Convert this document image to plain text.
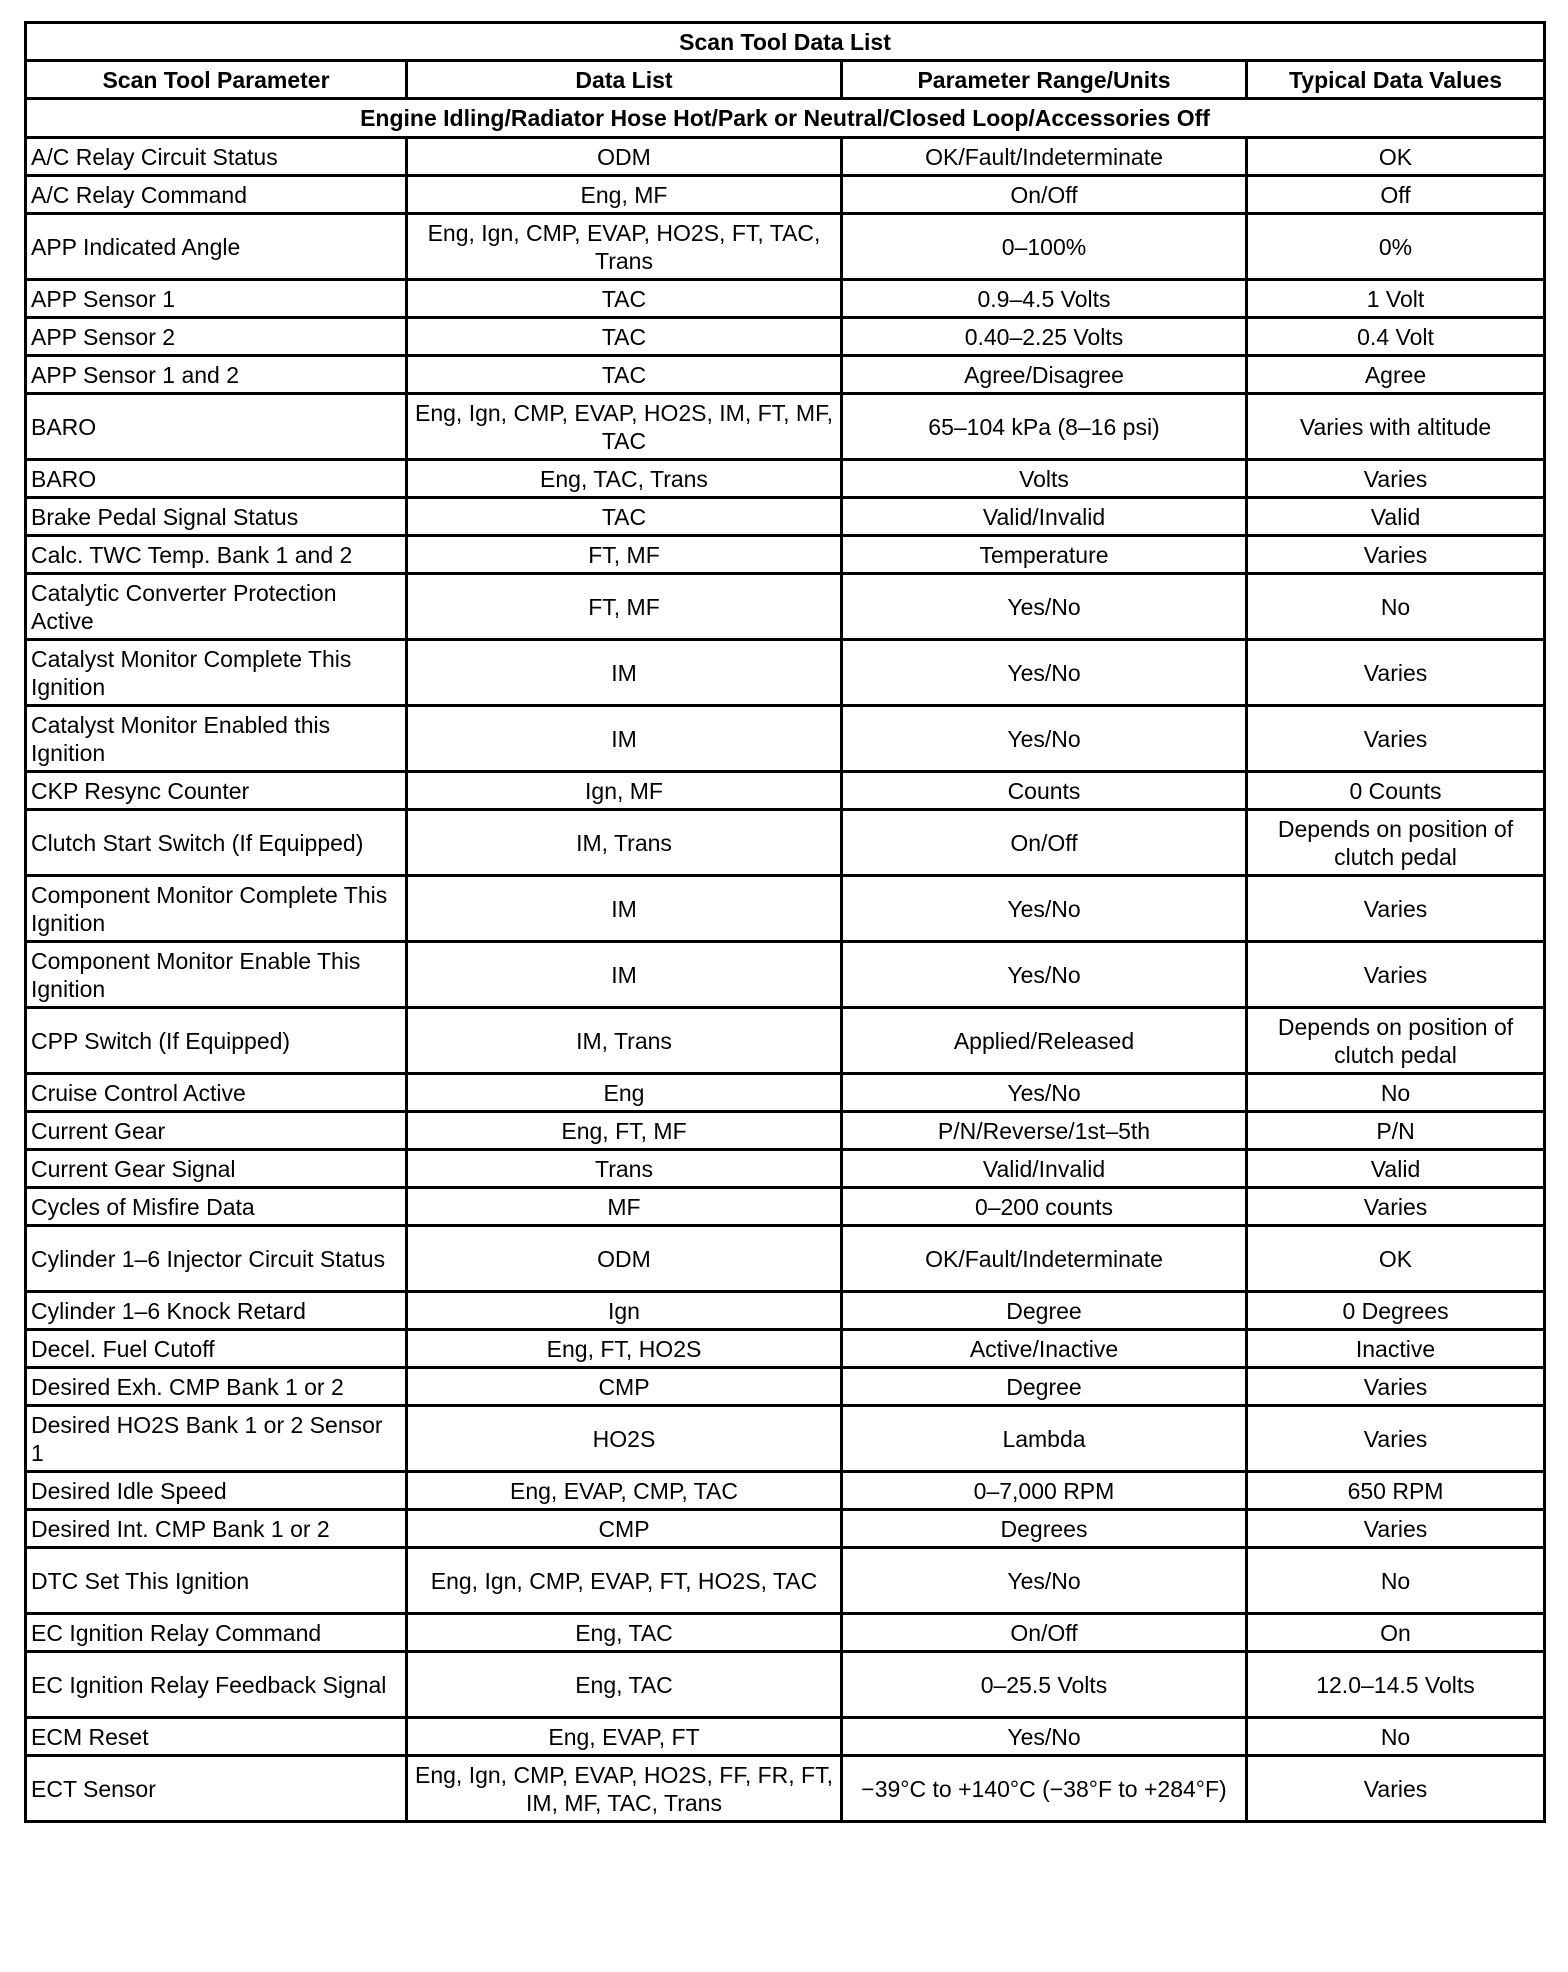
Scan Tool Data List			
Scan Tool Parameter	Data List	Parameter Range/Units	Typical Data Values
Engine Idling/Radiator Hose Hot/Park or Neutral/Closed Loop/Accessories Off			
A/C Relay Circuit Status	ODM	OK/Fault/Indeterminate	OK
A/C Relay Command	Eng, MF	On/Off	Off
APP Indicated Angle	Eng, Ign, CMP, EVAP, HO2S, FT, TAC, Trans	0–100%	0%
APP Sensor 1	TAC	0.9–4.5 Volts	1 Volt
APP Sensor 2	TAC	0.40–2.25 Volts	0.4 Volt
APP Sensor 1 and 2	TAC	Agree/Disagree	Agree
BARO	Eng, Ign, CMP, EVAP, HO2S, IM, FT, MF, TAC	65–104 kPa (8–16 psi)	Varies with altitude
BARO	Eng, TAC, Trans	Volts	Varies
Brake Pedal Signal Status	TAC	Valid/Invalid	Valid
Calc. TWC Temp. Bank 1 and 2	FT, MF	Temperature	Varies
Catalytic Converter Protection Active	FT, MF	Yes/No	No
Catalyst Monitor Complete This Ignition	IM	Yes/No	Varies
Catalyst Monitor Enabled this Ignition	IM	Yes/No	Varies
CKP Resync Counter	Ign, MF	Counts	0 Counts
Clutch Start Switch (If Equipped)	IM, Trans	On/Off	Depends on position of clutch pedal
Component Monitor Complete This Ignition	IM	Yes/No	Varies
Component Monitor Enable This Ignition	IM	Yes/No	Varies
CPP Switch (If Equipped)	IM, Trans	Applied/Released	Depends on position of clutch pedal
Cruise Control Active	Eng	Yes/No	No
Current Gear	Eng, FT, MF	P/N/Reverse/1st–5th	P/N
Current Gear Signal	Trans	Valid/Invalid	Valid
Cycles of Misfire Data	MF	0–200 counts	Varies
Cylinder 1–6 Injector Circuit Status	ODM	OK/Fault/Indeterminate	OK
Cylinder 1–6 Knock Retard	Ign	Degree	0 Degrees
Decel. Fuel Cutoff	Eng, FT, HO2S	Active/Inactive	Inactive
Desired Exh. CMP Bank 1 or 2	CMP	Degree	Varies
Desired HO2S Bank 1 or 2 Sensor 1	HO2S	Lambda	Varies
Desired Idle Speed	Eng, EVAP, CMP, TAC	0–7,000 RPM	650 RPM
Desired Int. CMP Bank 1 or 2	CMP	Degrees	Varies
DTC Set This Ignition	Eng, Ign, CMP, EVAP, FT, HO2S, TAC	Yes/No	No
EC Ignition Relay Command	Eng, TAC	On/Off	On
EC Ignition Relay Feedback Signal	Eng, TAC	0–25.5 Volts	12.0–14.5 Volts
ECM Reset	Eng, EVAP, FT	Yes/No	No
ECT Sensor	Eng, Ign, CMP, EVAP, HO2S, FF, FR, FT, IM, MF, TAC, Trans	−39°C to +140°C (−38°F to +284°F)	Varies
